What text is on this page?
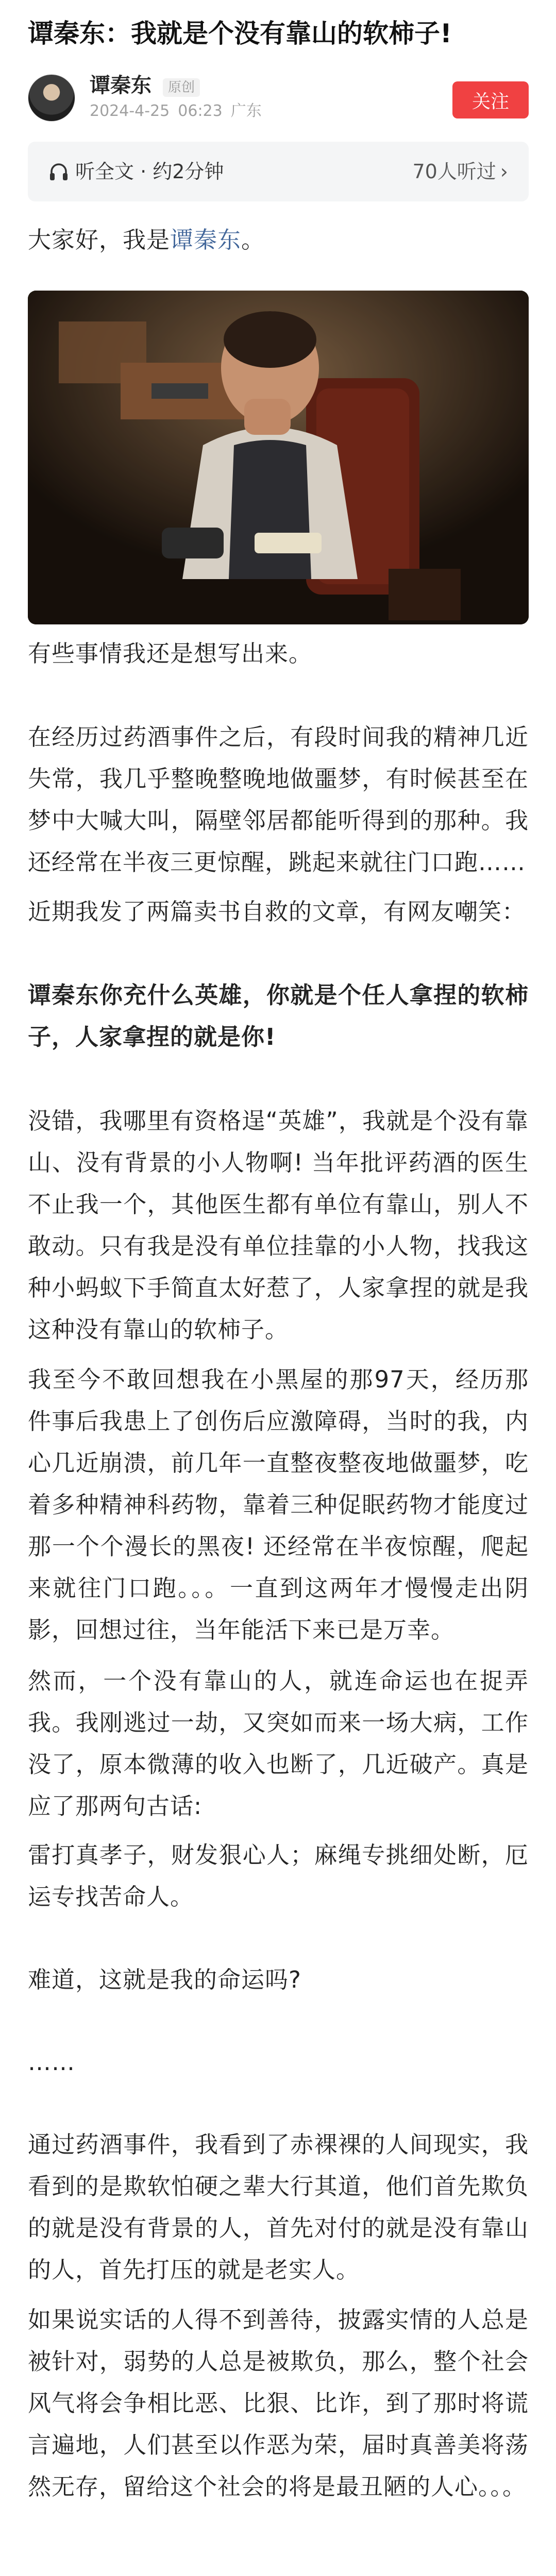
谭秦东：我就是个没有靠山的软柿子!
谭秦东	原创
2024-4-25 06:23 广东	关注
听全文 · 约2分钟	70人听过 ›
大家好，我是谭秦东。
有些事情我还是想写出来。
在经历过药酒事件之后，有段时间我的精神几近失常，我几乎整晚整晚地做噩梦，有时候甚至在梦中大喊大叫，隔壁邻居都能听得到的那种。我还经常在半夜三更惊醒，跳起来就往门口跑……
近期我发了两篇卖书自救的文章，有网友嘲笑：
谭秦东你充什么英雄，你就是个任人拿捏的软柿子，人家拿捏的就是你!
没错，我哪里有资格逞“英雄”，我就是个没有靠山、没有背景的小人物啊! 当年批评药酒的医生不止我一个，其他医生都有单位有靠山，别人不敢动。只有我是没有单位挂靠的小人物，找我这种小蚂蚁下手简直太好惹了，人家拿捏的就是我这种没有靠山的软柿子。
我至今不敢回想我在小黑屋的那97天，经历那件事后我患上了创伤后应激障碍，当时的我，内心几近崩溃，前几年一直整夜整夜地做噩梦，吃着多种精神科药物，靠着三种促眠药物才能度过那一个个漫长的黑夜! 还经常在半夜惊醒，爬起来就往门口跑。。。一直到这两年才慢慢走出阴影，回想过往，当年能活下来已是万幸。
然而，一个没有靠山的人，就连命运也在捉弄我。我刚逃过一劫，又突如而来一场大病，工作没了，原本微薄的收入也断了，几近破产。真是应了那两句古话:
雷打真孝子，财发狠心人；麻绳专挑细处断，厄运专找苦命人。
难道，这就是我的命运吗?
……
通过药酒事件，我看到了赤裸裸的人间现实，我看到的是欺软怕硬之辈大行其道，他们首先欺负的就是没有背景的人，首先对付的就是没有靠山的人，首先打压的就是老实人。
如果说实话的人得不到善待，披露实情的人总是被针对，弱势的人总是被欺负，那么，整个社会风气将会争相比恶、比狠、比诈，到了那时将谎言遍地，人们甚至以作恶为荣，届时真善美将荡然无存，留给这个社会的将是最丑陋的人心。。。
